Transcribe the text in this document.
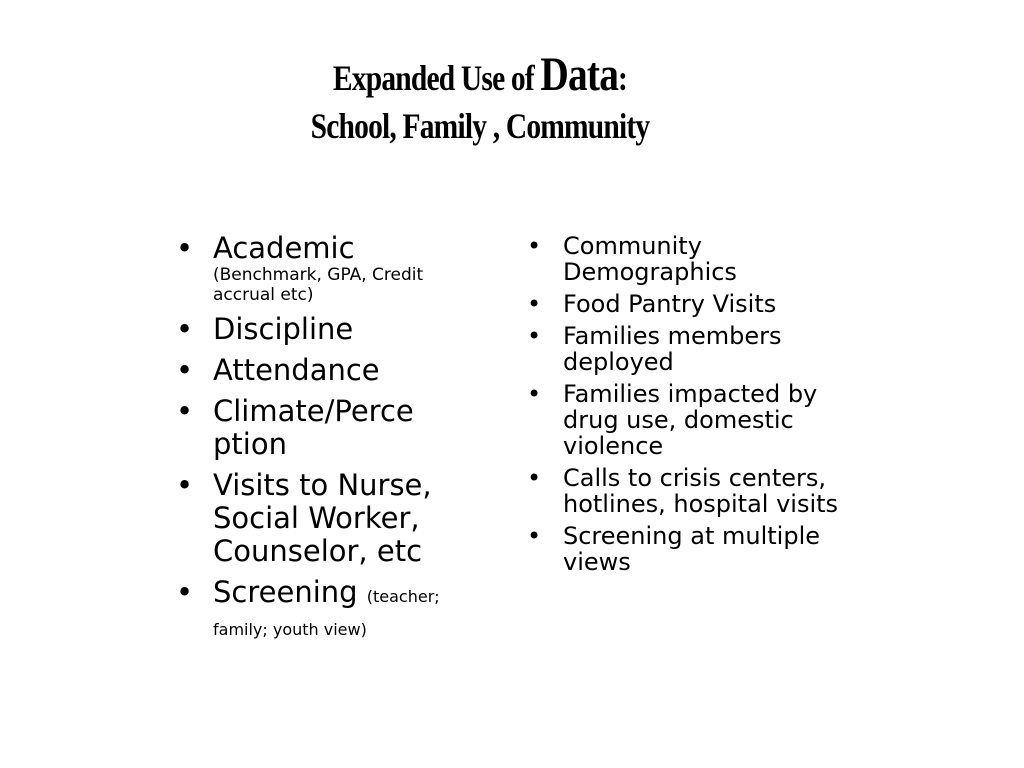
Expanded Use of Data:
School, Family , Community
• Academic
(Benchmark, GPA, Credit accrual etc)
• Discipline
• Attendance
• Climate/Perce ption
• Visits to Nurse, Social Worker, Counselor, etc
• Screening (teacher; family; youth view)
• Community Demographics
• Food Pantry Visits
• Families members deployed
• Families impacted by drug use, domestic violence
• Calls to crisis centers, hotlines, hospital visits
• Screening at multiple views
